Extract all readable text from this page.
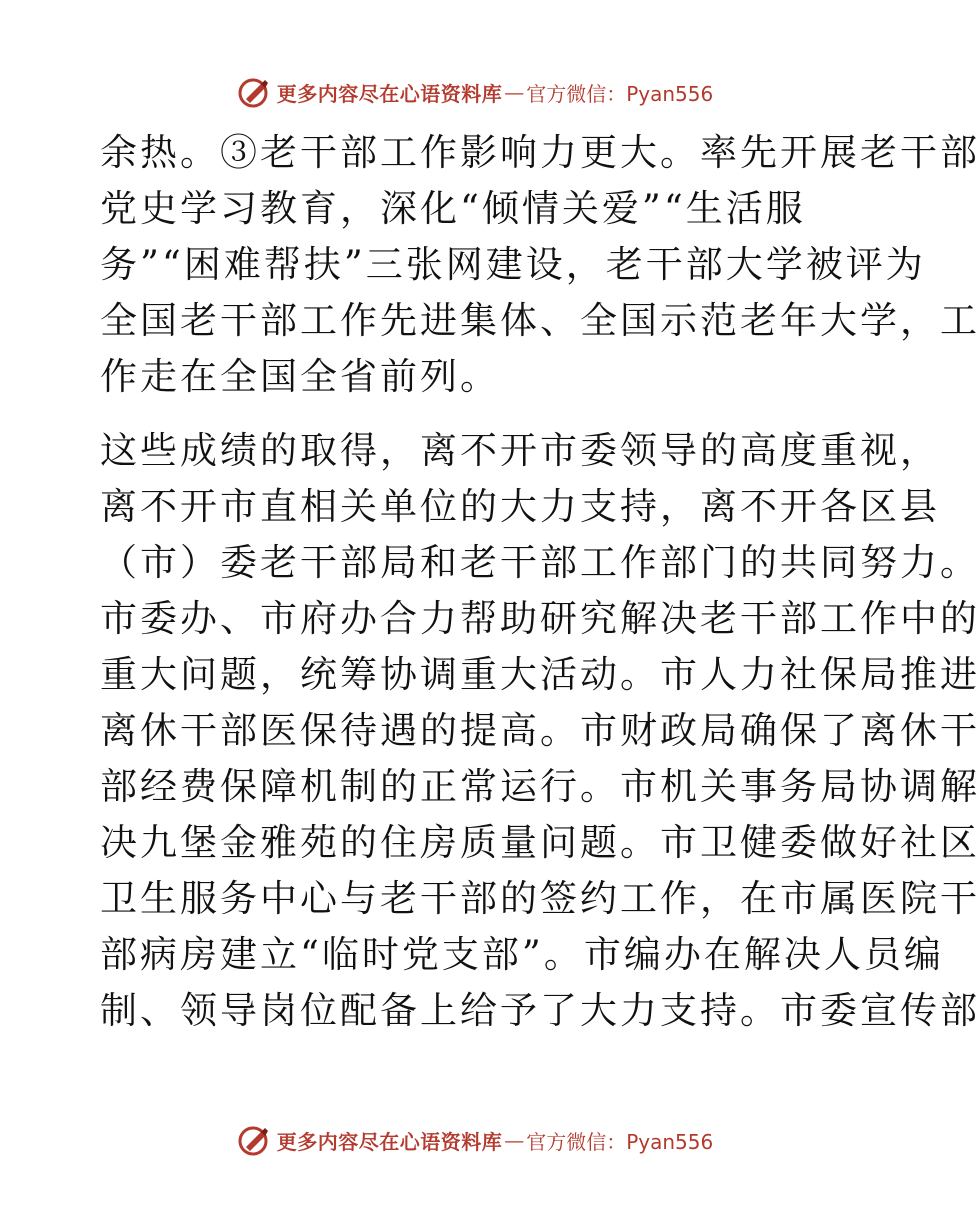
更多内容尽在心语资料库 — 官方微信：Pyan556
余热。③老干部工作影响力更大。率先开展老干部
党史学习教育，深化“倾情关爱”“生活服
务”“困难帮扶”三张网建设，老干部大学被评为
全国老干部工作先进集体、全国示范老年大学，工
作走在全国全省前列。
这些成绩的取得，离不开市委领导的高度重视，
离不开市直相关单位的大力支持，离不开各区县
（市）委老干部局和老干部工作部门的共同努力。
市委办、市府办合力帮助研究解决老干部工作中的
重大问题，统筹协调重大活动。市人力社保局推进
离休干部医保待遇的提高。市财政局确保了离休干
部经费保障机制的正常运行。市机关事务局协调解
决九堡金雅苑的住房质量问题。市卫健委做好社区
卫生服务中心与老干部的签约工作，在市属医院干
部病房建立“临时党支部”。市编办在解决人员编
制、领导岗位配备上给予了大力支持。市委宣传部
更多内容尽在心语资料库 — 官方微信：Pyan556
